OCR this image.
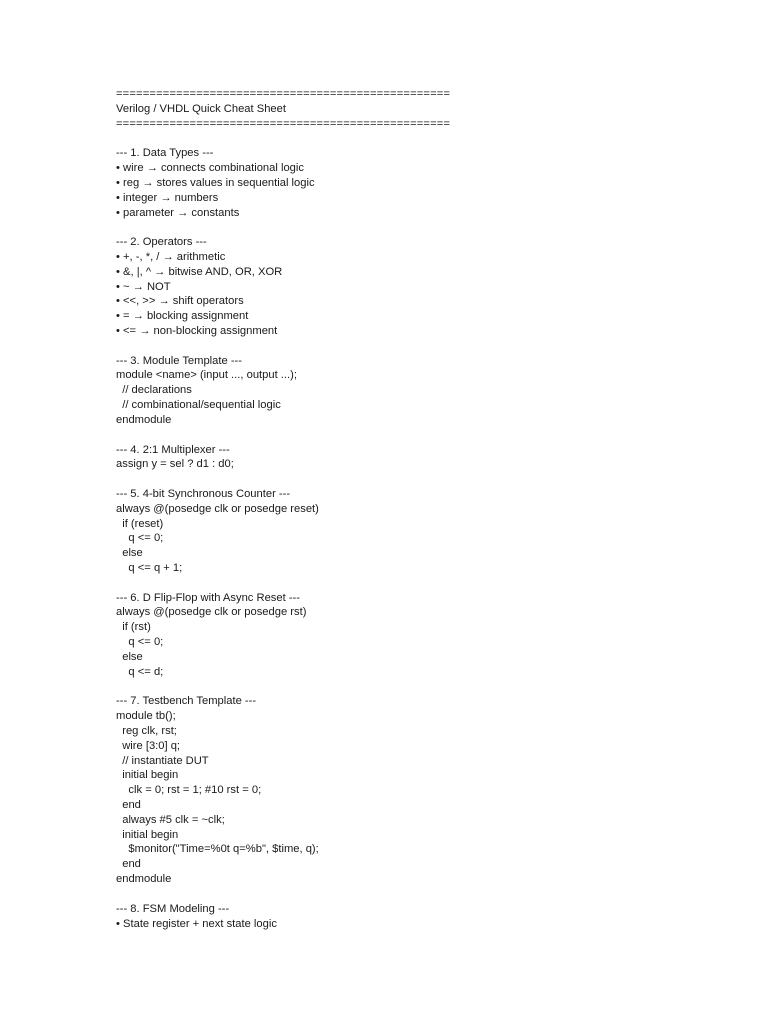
==================================================
Verilog / VHDL Quick Cheat Sheet
==================================================
--- 1. Data Types ---
• wire → connects combinational logic
• reg → stores values in sequential logic
• integer → numbers
• parameter → constants
--- 2. Operators ---
• +, -, *, / → arithmetic
• &, |, ^ → bitwise AND, OR, XOR
• ~ → NOT
• <<, >> → shift operators
• = → blocking assignment
• <= → non-blocking assignment
--- 3. Module Template ---
module <name> (input ..., output ...);
// declarations
// combinational/sequential logic
endmodule
--- 4. 2:1 Multiplexer ---
assign y = sel ? d1 : d0;
--- 5. 4-bit Synchronous Counter ---
always @(posedge clk or posedge reset)
if (reset)
q <= 0;
else
q <= q + 1;
--- 6. D Flip-Flop with Async Reset ---
always @(posedge clk or posedge rst)
if (rst)
q <= 0;
else
q <= d;
--- 7. Testbench Template ---
module tb();
reg clk, rst;
wire [3:0] q;
// instantiate DUT
initial begin
clk = 0; rst = 1; #10 rst = 0;
end
always #5 clk = ~clk;
initial begin
$monitor("Time=%0t q=%b", $time, q);
end
endmodule
--- 8. FSM Modeling ---
• State register + next state logic
